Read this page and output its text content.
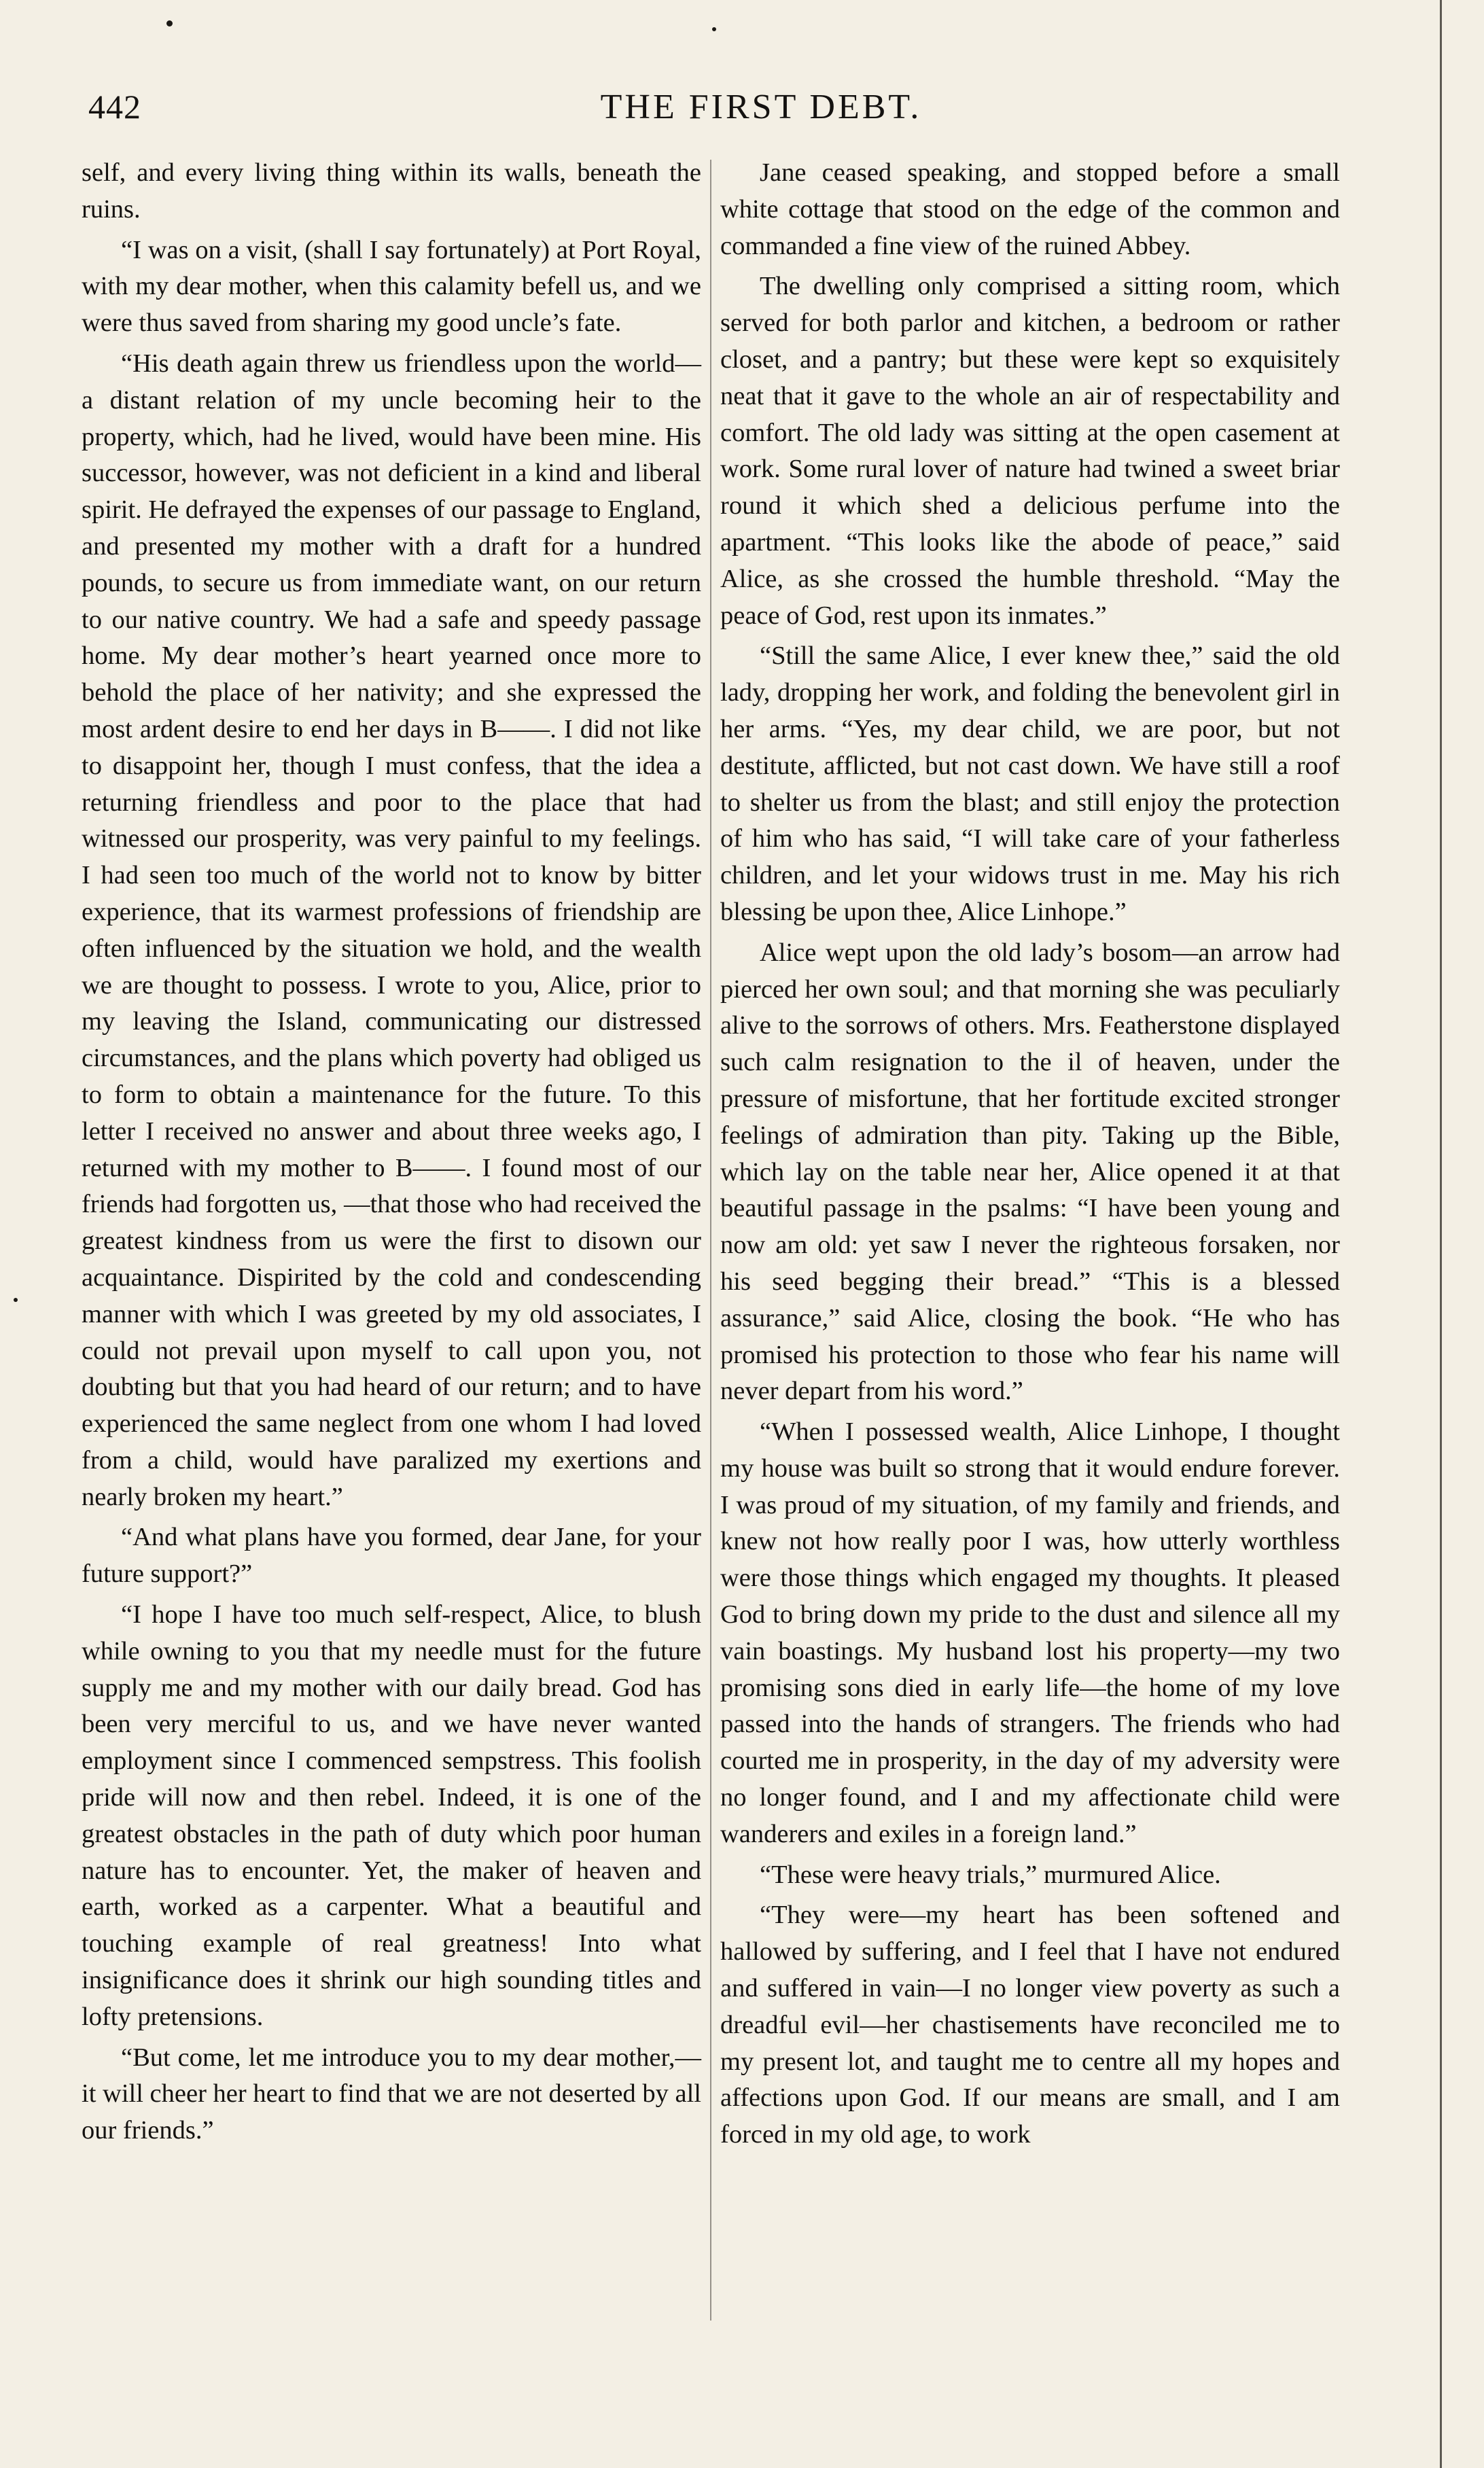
442	THE FIRST DEBT.

self, and every living thing within its walls, beneath the ruins.

“I was on a visit, (shall I say fortunately) at Port Royal, with my dear mother, when this calamity befell us, and we were thus saved from sharing my good uncle’s fate.

“His death again threw us friendless upon the world—a distant relation of my uncle becoming heir to the property, which, had he lived, would have been mine. His successor, however, was not deficient in a kind and liberal spirit. He defrayed the expenses of our passage to England, and presented my mother with a draft for a hundred pounds, to secure us from immediate want, on our return to our native country. We had a safe and speedy passage home. My dear mother’s heart yearned once more to behold the place of her nativity; and she expressed the most ardent desire to end her days in B——. I did not like to disappoint her, though I must confess, that the idea a returning friendless and poor to the place that had witnessed our prosperity, was very painful to my feelings. I had seen too much of the world not to know by bitter experience, that its warmest professions of friendship are often influenced by the situation we hold, and the wealth we are thought to possess. I wrote to you, Alice, prior to my leaving the Island, communicating our distressed circumstances, and the plans which poverty had obliged us to form to obtain a maintenance for the future. To this letter I received no answer and about three weeks ago, I returned with my mother to B——. I found most of our friends had forgotten us, —that those who had received the greatest kindness from us were the first to disown our acquaintance. Dispirited by the cold and condescending manner with which I was greeted by my old associates, I could not prevail upon myself to call upon you, not doubting but that you had heard of our return; and to have experienced the same neglect from one whom I had loved from a child, would have paralized my exertions and nearly broken my heart.”

“And what plans have you formed, dear Jane, for your future support?”

“I hope I have too much self-respect, Alice, to blush while owning to you that my needle must for the future supply me and my mother with our daily bread. God has been very merciful to us, and we have never wanted employment since I commenced sempstress. This foolish pride will now and then rebel. Indeed, it is one of the greatest obstacles in the path of duty which poor human nature has to encounter. Yet, the maker of heaven and earth, worked as a carpenter. What a beautiful and touching example of real greatness! Into what insignificance does it shrink our high sounding titles and lofty pretensions.

“But come, let me introduce you to my dear mother,—it will cheer her heart to find that we are not deserted by all our friends.”

Jane ceased speaking, and stopped before a small white cottage that stood on the edge of the common and commanded a fine view of the ruined Abbey.

The dwelling only comprised a sitting room, which served for both parlor and kitchen, a bedroom or rather closet, and a pantry; but these were kept so exquisitely neat that it gave to the whole an air of respectability and comfort. The old lady was sitting at the open casement at work. Some rural lover of nature had twined a sweet briar round it which shed a delicious perfume into the apartment. “This looks like the abode of peace,” said Alice, as she crossed the humble threshold. “May the peace of God, rest upon its inmates.”

“Still the same Alice, I ever knew thee,” said the old lady, dropping her work, and folding the benevolent girl in her arms. “Yes, my dear child, we are poor, but not destitute, afflicted, but not cast down. We have still a roof to shelter us from the blast; and still enjoy the protection of him who has said, “I will take care of your fatherless children, and let your widows trust in me. May his rich blessing be upon thee, Alice Linhope.”

Alice wept upon the old lady’s bosom—an arrow had pierced her own soul; and that morning she was peculiarly alive to the sorrows of others. Mrs. Featherstone displayed such calm resignation to the il of heaven, under the pressure of misfortune, that her fortitude excited stronger feelings of admiration than pity. Taking up the Bible, which lay on the table near her, Alice opened it at that beautiful passage in the psalms: “I have been young and now am old: yet saw I never the righteous forsaken, nor his seed begging their bread.” “This is a blessed assurance,” said Alice, closing the book. “He who has promised his protection to those who fear his name will never depart from his word.”

“When I possessed wealth, Alice Linhope, I thought my house was built so strong that it would endure forever. I was proud of my situation, of my family and friends, and knew not how really poor I was, how utterly worthless were those things which engaged my thoughts. It pleased God to bring down my pride to the dust and silence all my vain boastings. My husband lost his property—my two promising sons died in early life—the home of my love passed into the hands of strangers. The friends who had courted me in prosperity, in the day of my adversity were no longer found, and I and my affectionate child were wanderers and exiles in a foreign land.”

“These were heavy trials,” murmured Alice.

“They were—my heart has been softened and hallowed by suffering, and I feel that I have not endured and suffered in vain—I no longer view poverty as such a dreadful evil—her chastisements have reconciled me to my present lot, and taught me to centre all my hopes and affections upon God. If our means are small, and I am forced in my old age, to work
